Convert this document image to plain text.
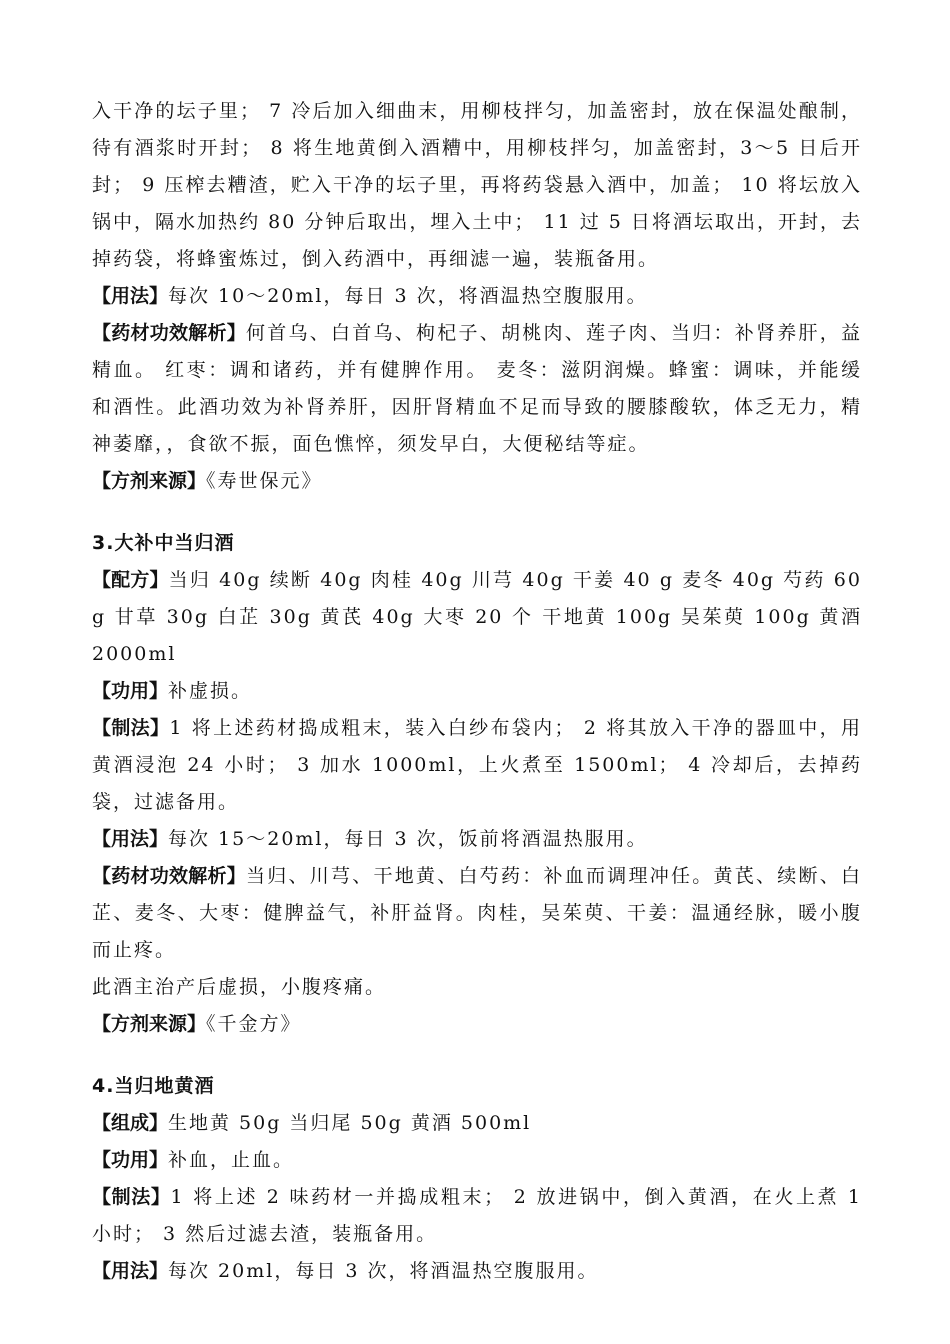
入干净的坛子里； 7 冷后加入细曲末，用柳枝拌匀，加盖密封，放在保温处酿制，待有酒浆时开封； 8 将生地黄倒入酒糟中，用柳枝拌匀，加盖密封，3～5 日后开封； 9 压榨去糟渣，贮入干净的坛子里，再将药袋悬入酒中，加盖； 10 将坛放入锅中，隔水加热约 80 分钟后取出，埋入土中； 11 过 5 日将酒坛取出，开封，去掉药袋，将蜂蜜炼过，倒入药酒中，再细滤一遍，装瓶备用。

【用法】每次 10～20ml，每日 3 次，将酒温热空腹服用。

【药材功效解析】何首乌、白首乌、枸杞子、胡桃肉、莲子肉、当归：补肾养肝，益精血。 红枣：调和诸药，并有健脾作用。 麦冬：滋阴润燥。蜂蜜：调味，并能缓和酒性。此酒功效为补肾养肝，因肝肾精血不足而导致的腰膝酸软，体乏无力，精神萎靡，，食欲不振，面色憔悴，须发早白，大便秘结等症。

【方剂来源】《寿世保元》

3.大补中当归酒

【配方】当归 40g 续断 40g 肉桂 40g 川芎 40g 干姜 40 g 麦冬 40g 芍药 60g 甘草 30g 白芷 30g 黄芪 40g 大枣 20 个 干地黄 100g 吴茱萸 100g 黄酒 2000ml

【功用】补虚损。

【制法】1 将上述药材捣成粗末，装入白纱布袋内； 2 将其放入干净的器皿中，用黄酒浸泡 24 小时； 3 加水 1000ml，上火煮至 1500ml； 4 冷却后，去掉药袋，过滤备用。

【用法】每次 15～20ml，每日 3 次，饭前将酒温热服用。

【药材功效解析】当归、川芎、干地黄、白芍药：补血而调理冲任。黄芪、续断、白芷、麦冬、大枣：健脾益气，补肝益肾。肉桂，吴茱萸、干姜：温通经脉，暖小腹而止疼。

此酒主治产后虚损，小腹疼痛。

【方剂来源】《千金方》

4.当归地黄酒

【组成】生地黄 50g 当归尾 50g 黄酒 500ml

【功用】补血，止血。

【制法】1 将上述 2 味药材一并捣成粗末； 2 放进锅中，倒入黄酒，在火上煮 1 小时； 3 然后过滤去渣，装瓶备用。

【用法】每次 20ml，每日 3 次，将酒温热空腹服用。
